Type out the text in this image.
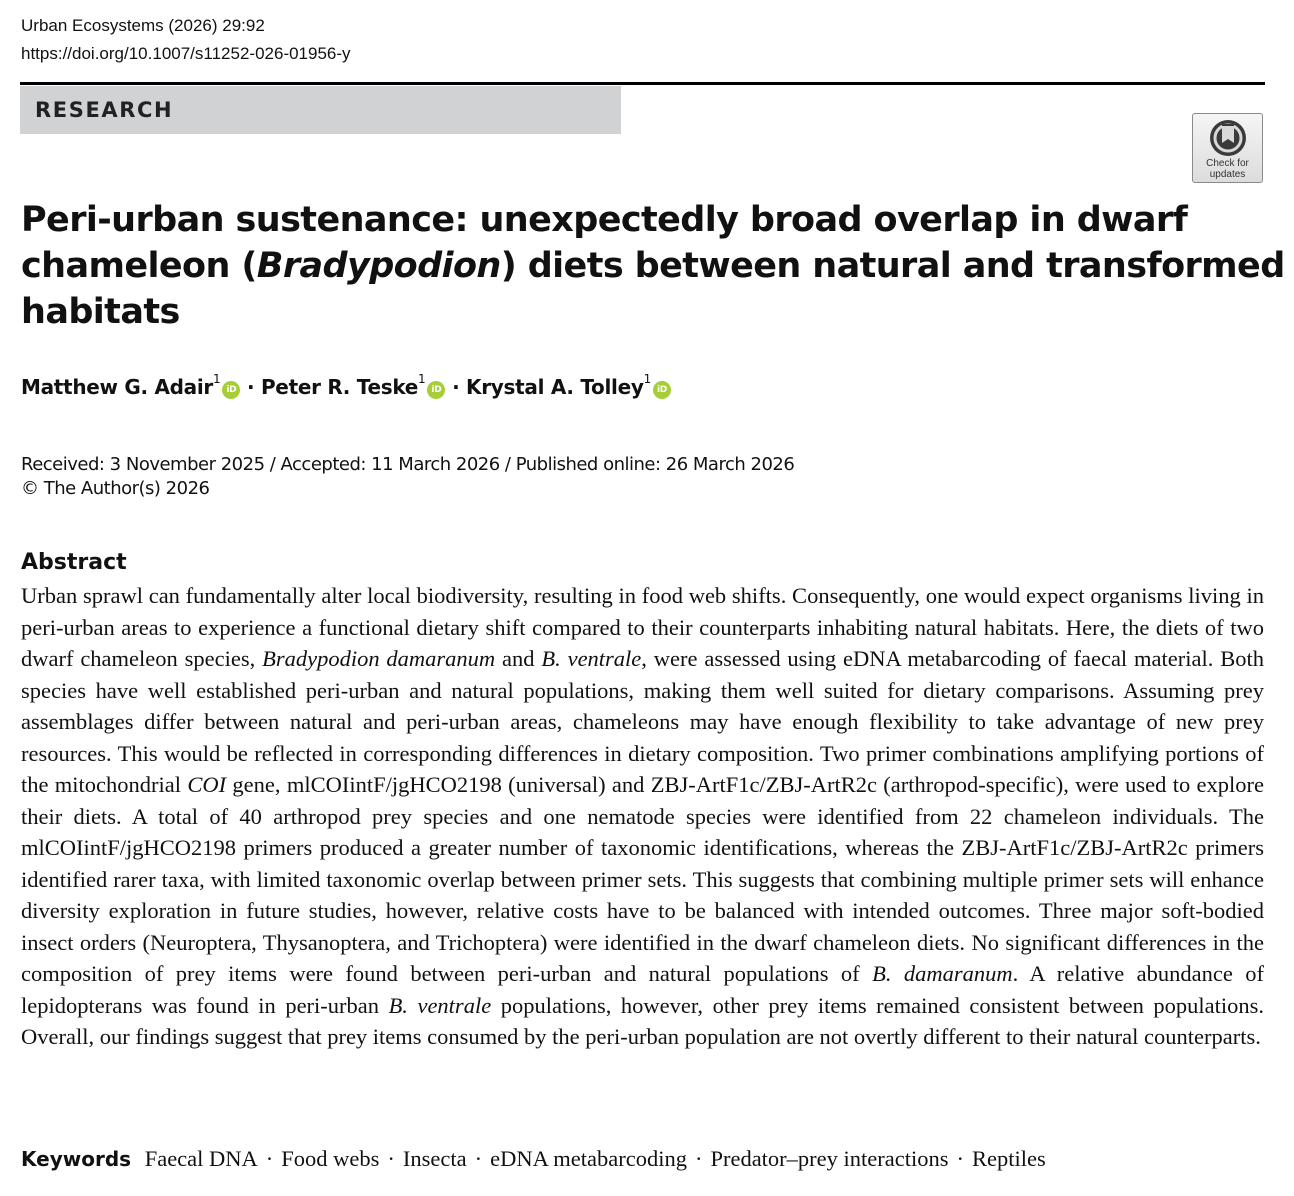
Urban Ecosystems (2026) 29:92
https://doi.org/10.1007/s11252-026-01956-y
RESEARCH
Check for
updates
Peri-urban sustenance: unexpectedly broad overlap in dwarf
chameleon (Bradypodion) diets between natural and transformed
habitats
Matthew G. Adair$^1$iD · Peter R. Teske$^1$iD · Krystal A. Tolley$^1$iD
Received: 3 November 2025 / Accepted: 11 March 2026 / Published online: 26 March 2026
© The Author(s) 2026
Abstract
Urban sprawl can fundamentally alter local biodiversity, resulting in food web shifts. Consequently, one would expect organisms living in peri-urban areas to experience a functional dietary shift compared to their counterparts inhabiting natural habitats. Here, the diets of two dwarf chameleon species, Bradypodion damaranum and B. ventrale, were assessed using eDNA metabarcoding of faecal material. Both species have well established peri-urban and natural populations, making them well suited for dietary comparisons. Assuming prey assemblages differ between natural and peri-urban areas, chameleons may have enough flexibility to take advantage of new prey resources. This would be reflected in corresponding differences in dietary composition. Two primer combinations amplifying portions of the mitochondrial COI gene, mlCOIintF/jgHCO2198 (universal) and ZBJ-ArtF1c/ZBJ-ArtR2c (arthropod-specific), were used to explore their diets. A total of 40 arthropod prey species and one nematode species were identified from 22 chameleon individuals. The mlCOIintF/jgHCO2198 primers produced a greater number of taxonomic identifications, whereas the ZBJ-ArtF1c/ZBJ-ArtR2c primers identified rarer taxa, with limited taxonomic overlap between primer sets. This suggests that combining multiple primer sets will enhance diversity exploration in future studies, however, relative costs have to be balanced with intended outcomes. Three major soft-bodied insect orders (Neuroptera, Thysanoptera, and Trichoptera) were identified in the dwarf chameleon diets. No significant differences in the composition of prey items were found between peri-urban and natural populations of B. damaranum. A relative abundance of lepidopterans was found in peri-urban B. ventrale populations, however, other prey items remained consistent between populations. Overall, our findings suggest that prey items consumed by the peri-urban population are not overtly different to their natural counterparts.
Keywords Faecal DNA · Food webs · Insecta · eDNA metabarcoding · Predator–prey interactions · Reptiles
